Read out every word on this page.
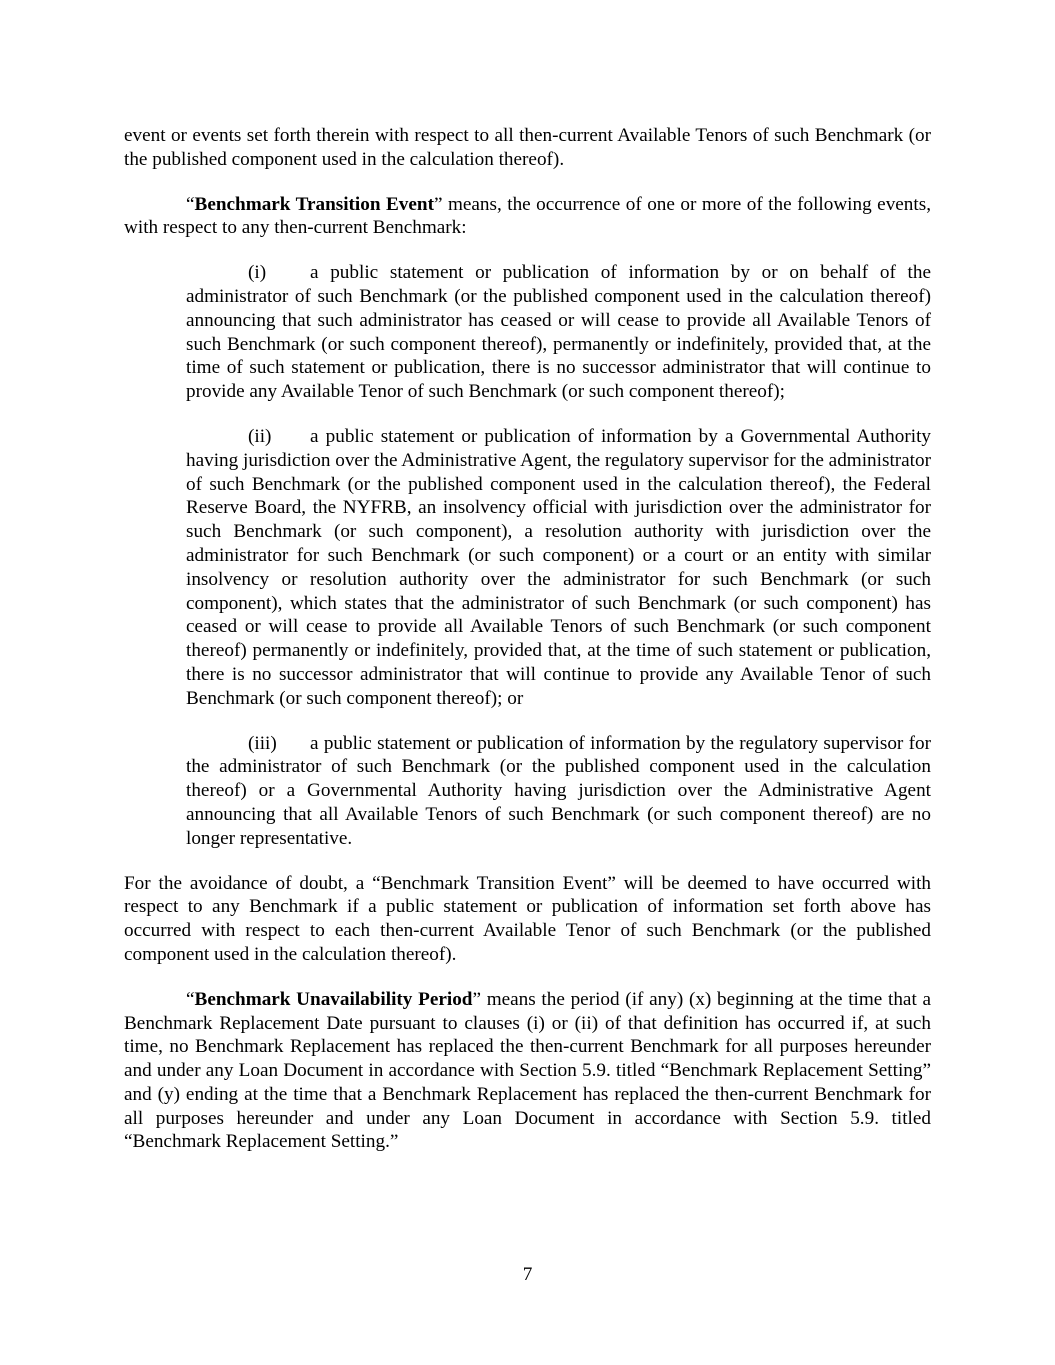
event or events set forth therein with respect to all then-current Available Tenors of such Benchmark (or the published component used in the calculation thereof).

“Benchmark Transition Event” means, the occurrence of one or more of the following events, with respect to any then-current Benchmark:

(i) a public statement or publication of information by or on behalf of the administrator of such Benchmark (or the published component used in the calculation thereof) announcing that such administrator has ceased or will cease to provide all Available Tenors of such Benchmark (or such component thereof), permanently or indefinitely, provided that, at the time of such statement or publication, there is no successor administrator that will continue to provide any Available Tenor of such Benchmark (or such component thereof);

(ii) a public statement or publication of information by a Governmental Authority having jurisdiction over the Administrative Agent, the regulatory supervisor for the administrator of such Benchmark (or the published component used in the calculation thereof), the Federal Reserve Board, the NYFRB, an insolvency official with jurisdiction over the administrator for such Benchmark (or such component), a resolution authority with jurisdiction over the administrator for such Benchmark (or such component) or a court or an entity with similar insolvency or resolution authority over the administrator for such Benchmark (or such component), which states that the administrator of such Benchmark (or such component) has ceased or will cease to provide all Available Tenors of such Benchmark (or such component thereof) permanently or indefinitely, provided that, at the time of such statement or publication, there is no successor administrator that will continue to provide any Available Tenor of such Benchmark (or such component thereof); or

(iii) a public statement or publication of information by the regulatory supervisor for the administrator of such Benchmark (or the published component used in the calculation thereof) or a Governmental Authority having jurisdiction over the Administrative Agent announcing that all Available Tenors of such Benchmark (or such component thereof) are no longer representative.

For the avoidance of doubt, a “Benchmark Transition Event” will be deemed to have occurred with respect to any Benchmark if a public statement or publication of information set forth above has occurred with respect to each then-current Available Tenor of such Benchmark (or the published component used in the calculation thereof).

“Benchmark Unavailability Period” means the period (if any) (x) beginning at the time that a Benchmark Replacement Date pursuant to clauses (i) or (ii) of that definition has occurred if, at such time, no Benchmark Replacement has replaced the then-current Benchmark for all purposes hereunder and under any Loan Document in accordance with Section 5.9. titled “Benchmark Replacement Setting” and (y) ending at the time that a Benchmark Replacement has replaced the then-current Benchmark for all purposes hereunder and under any Loan Document in accordance with Section 5.9. titled “Benchmark Replacement Setting.”

7
